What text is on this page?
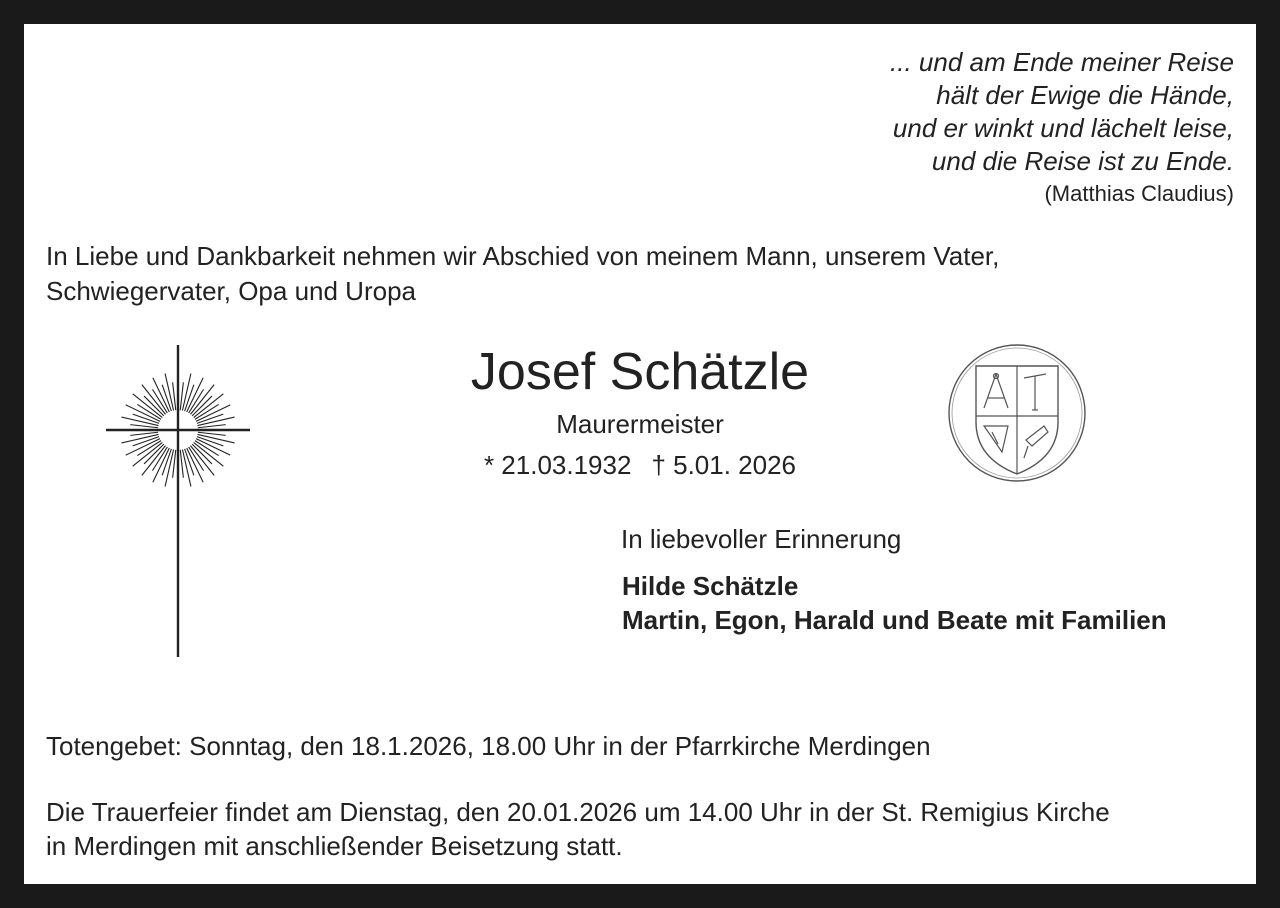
... und am Ende meiner Reise
hält der Ewige die Hände,
und er winkt und lächelt leise,
und die Reise ist zu Ende.
(Matthias Claudius)
In Liebe und Dankbarkeit nehmen wir Abschied von meinem Mann, unserem Vater,
Schwiegervater, Opa und Uropa
Josef Schätzle
Maurermeister
* 21.03.1932 † 5.01. 2026
In liebevoller Erinnerung
Hilde Schätzle
Martin, Egon, Harald und Beate mit Familien
Totengebet: Sonntag, den 18.1.2026, 18.00 Uhr in der Pfarrkirche Merdingen
Die Trauerfeier findet am Dienstag, den 20.01.2026 um 14.00 Uhr in der St. Remigius Kirche
in Merdingen mit anschließender Beisetzung statt.
